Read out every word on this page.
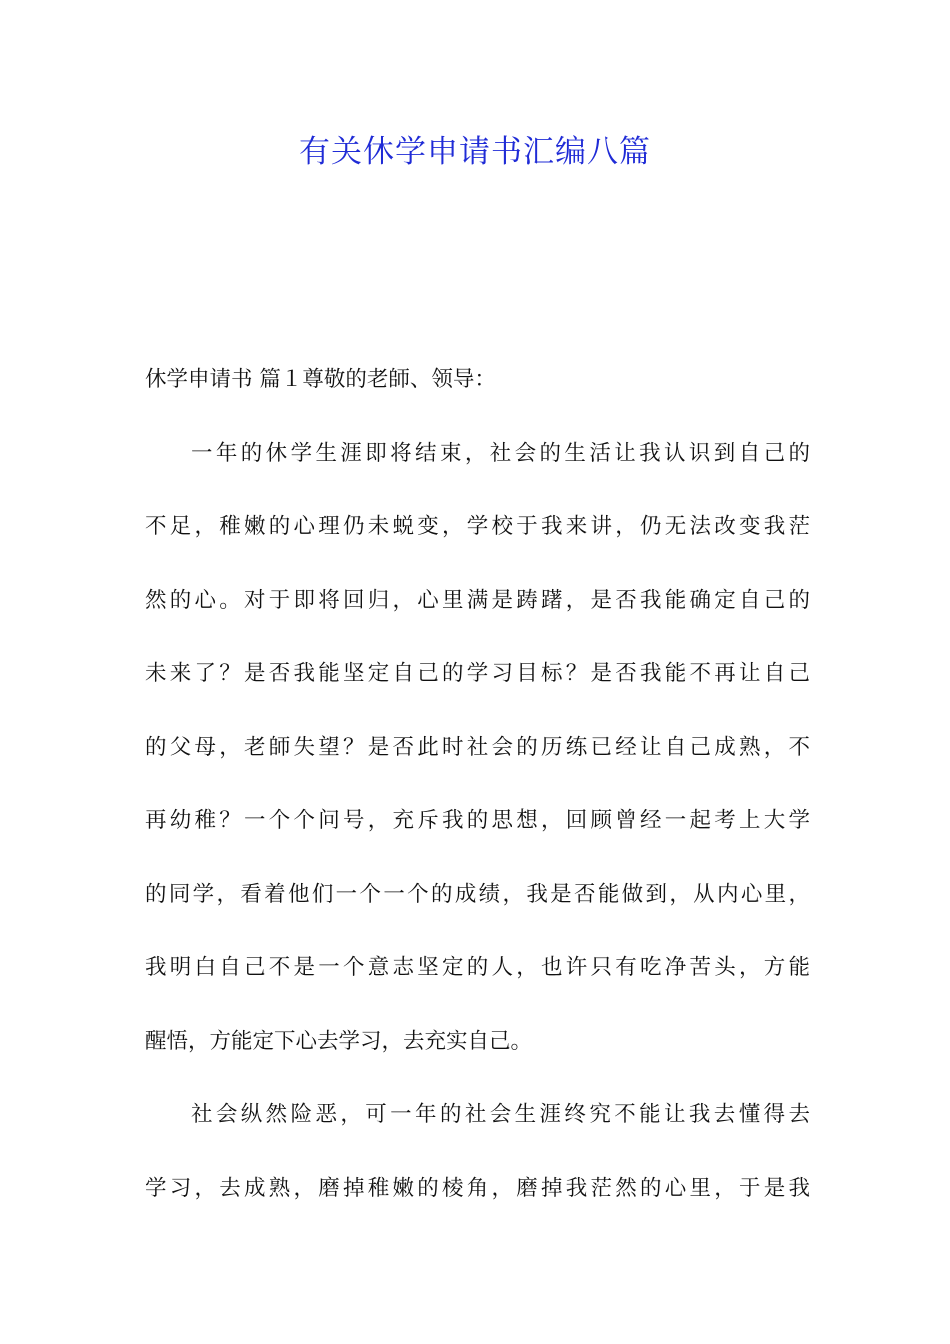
有关休学申请书汇编八篇
休学申请书 篇１尊敬的老師、领导：
一年的休学生涯即将结束，社会的生活让我认识到自己的
不足，稚嫩的心理仍未蜕变，学校于我来讲，仍无法改变我茫
然的心。对于即将回归，心里满是踌躇，是否我能确定自己的
未来了？是否我能坚定自己的学习目标？是否我能不再让自己
的父母，老師失望？是否此时社会的历练已经让自己成熟，不
再幼稚？一个个问号，充斥我的思想，回顾曾经一起考上大学
的同学，看着他们一个一个的成绩，我是否能做到，从内心里，
我明白自己不是一个意志坚定的人，也许只有吃净苦头，方能
醒悟，方能定下心去学习，去充实自己。
社会纵然险恶，可一年的社会生涯终究不能让我去懂得去
学习，去成熟，磨掉稚嫩的棱角，磨掉我茫然的心里，于是我
